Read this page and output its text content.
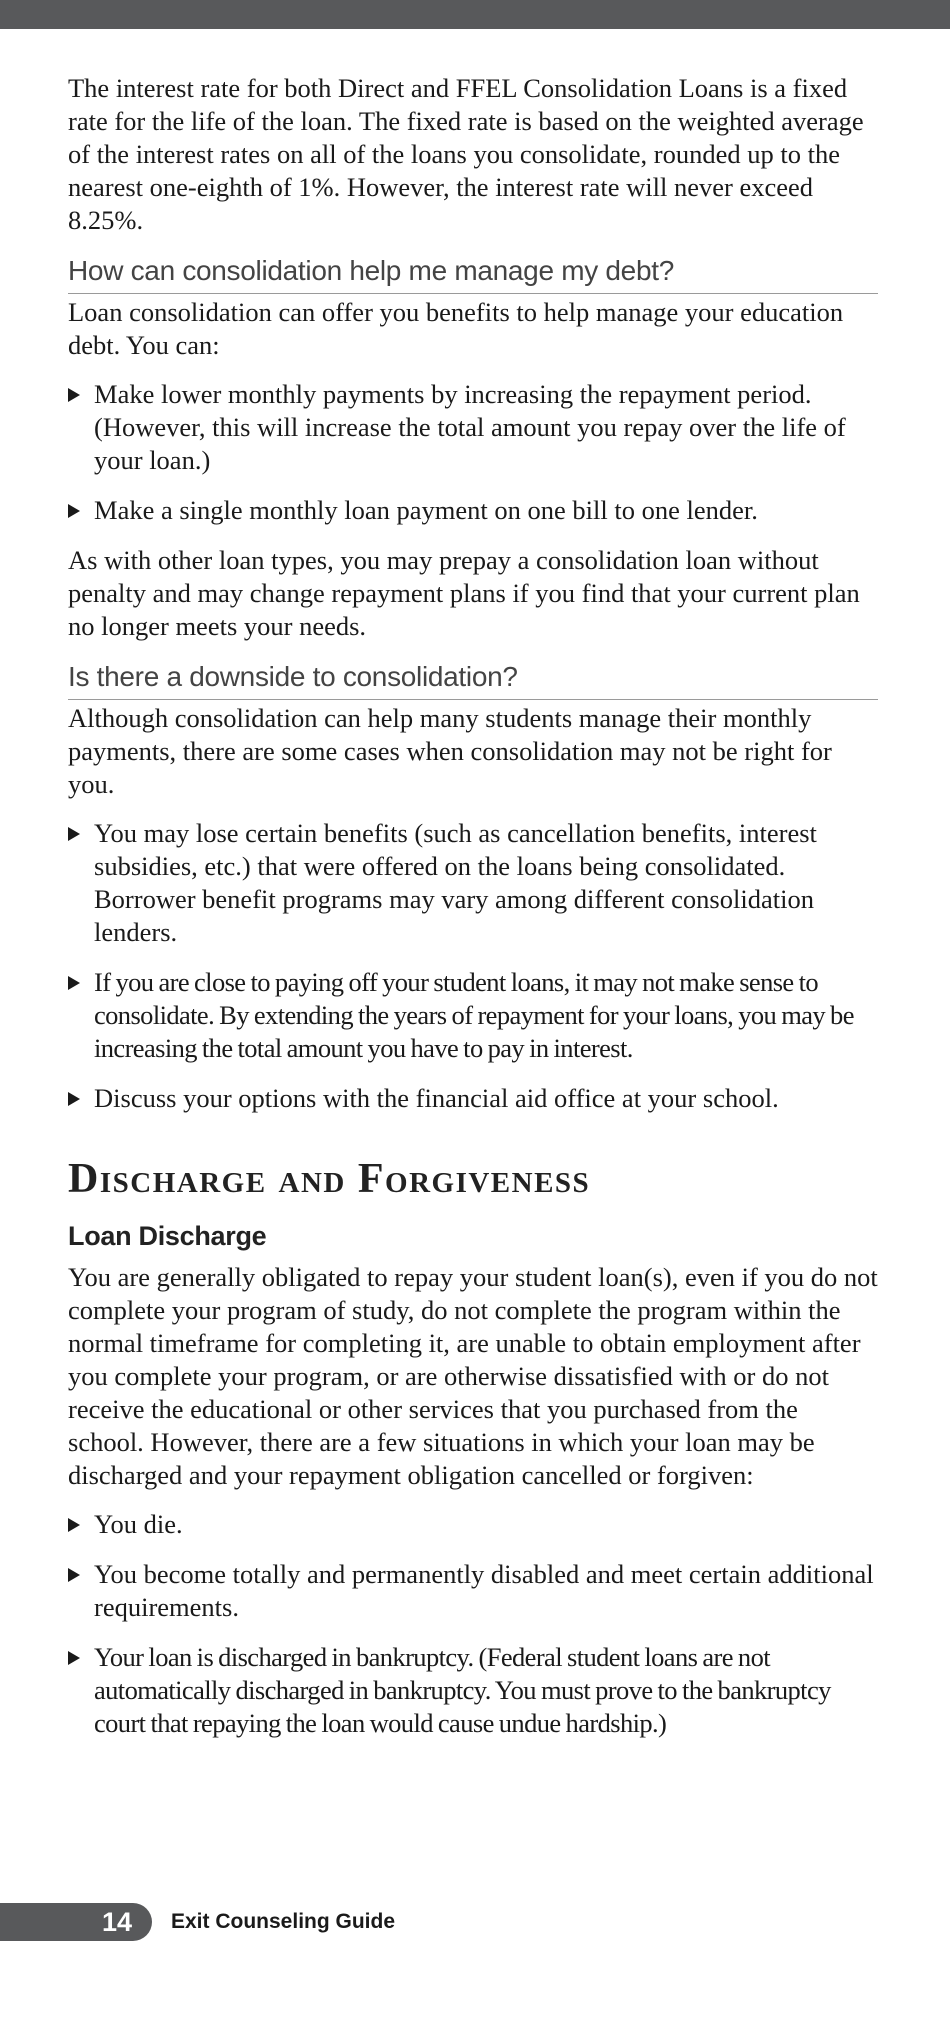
The interest rate for both Direct and FFEL Consolidation Loans is a fixed rate for the life of the loan. The fixed rate is based on the weighted average of the interest rates on all of the loans you consolidate, rounded up to the nearest one-eighth of 1%. However, the interest rate will never exceed 8.25%.

How can consolidation help me manage my debt?

Loan consolidation can offer you benefits to help manage your education debt. You can:

Make lower monthly payments by increasing the repayment period. (However, this will increase the total amount you repay over the life of your loan.)
Make a single monthly loan payment on one bill to one lender.

As with other loan types, you may prepay a consolidation loan without penalty and may change repayment plans if you find that your current plan no longer meets your needs.

Is there a downside to consolidation?

Although consolidation can help many students manage their monthly payments, there are some cases when consolidation may not be right for you.

You may lose certain benefits (such as cancellation benefits, interest subsidies, etc.) that were offered on the loans being consolidated. Borrower benefit programs may vary among different consolidation lenders.
If you are close to paying off your student loans, it may not make sense to consolidate. By extending the years of repayment for your loans, you may be increasing the total amount you have to pay in interest.
Discuss your options with the financial aid office at your school.
Discharge and Forgiveness
Loan Discharge

You are generally obligated to repay your student loan(s), even if you do not complete your program of study, do not complete the program within the normal timeframe for completing it, are unable to obtain employment after you complete your program, or are otherwise dissatisfied with or do not receive the educational or other services that you purchased from the school. However, there are a few situations in which your loan may be discharged and your repayment obligation cancelled or forgiven:

You die.
You become totally and permanently disabled and meet certain additional requirements.
Your loan is discharged in bankruptcy. (Federal student loans are not automatically discharged in bankruptcy. You must prove to the bankruptcy court that repaying the loan would cause undue hardship.)
14 Exit Counseling Guide
